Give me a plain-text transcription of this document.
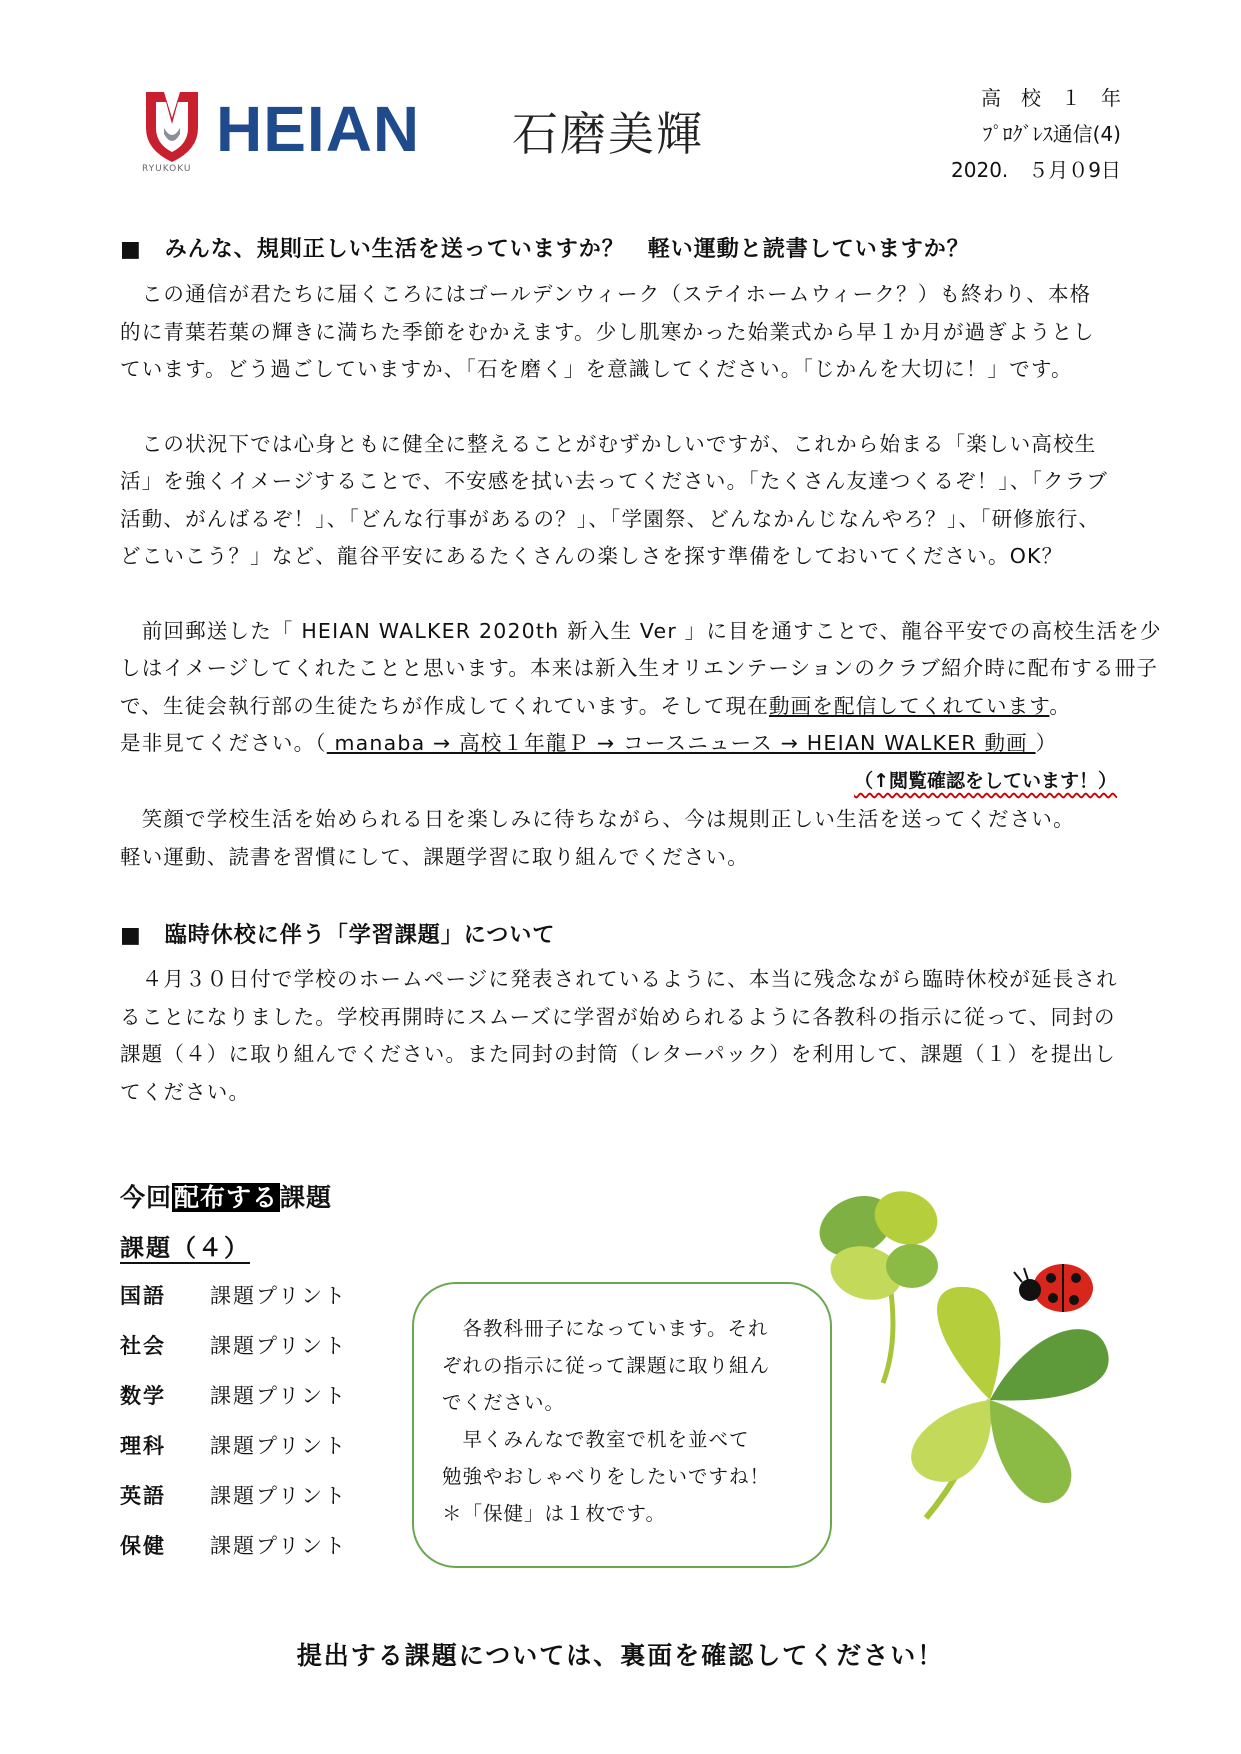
HEIAN
RYUKOKU
石磨美輝
高　校　１　年
ﾌﾟﾛｸﾞﾚｽ通信(4)
2020.　５月０9日
■　みんな、規則正しい生活を送っていますか？　軽い運動と読書していますか？

　この通信が君たちに届くころにはゴールデンウィーク（ステイホームウィーク？）も終わり、本格

的に青葉若葉の輝きに満ちた季節をむかえます。少し肌寒かった始業式から早１か月が過ぎようとし

ています。どう過ごしていますか、「石を磨く」を意識してください。「じかんを大切に！」です。

　この状況下では心身ともに健全に整えることがむずかしいですが、これから始まる「楽しい高校生

活」を強くイメージすることで、不安感を拭い去ってください。「たくさん友達つくるぞ！」、「クラブ

活動、がんばるぞ！」、「どんな行事があるの？」、「学園祭、どんなかんじなんやろ？」、「研修旅行、

どこいこう？」など、龍谷平安にあるたくさんの楽しさを探す準備をしておいてください。OK？

　前回郵送した「 HEIAN WALKER 2020th 新入生 Ver 」に目を通すことで、龍谷平安での高校生活を少

しはイメージしてくれたことと思います。本来は新入生オリエンテーションのクラブ紹介時に配布する冊子

で、生徒会執行部の生徒たちが作成してくれています。そして現在動画を配信してくれています。

是非見てください。（ manaba → 高校１年龍Ｐ → コースニュース → HEIAN WALKER 動画 ）

（↑閲覧確認をしています！）

　笑顔で学校生活を始められる日を楽しみに待ちながら、今は規則正しい生活を送ってください。

軽い運動、読書を習慣にして、課題学習に取り組んでください。

■　臨時休校に伴う「学習課題」について

　４月３０日付で学校のホームページに発表されているように、本当に残念ながら臨時休校が延長され

ることになりました。学校再開時にスムーズに学習が始められるように各教科の指示に従って、同封の

課題（４）に取り組んでください。また同封の封筒（レターパック）を利用して、課題（１）を提出し

てください。

今回配布する課題
課題（４）
国語 課題プリント
社会 課題プリント
数学 課題プリント
理科 課題プリント
英語 課題プリント
保健 課題プリント

　各教科冊子になっています。それ

ぞれの指示に従って課題に取り組ん

でください。

　早くみんなで教室で机を並べて

勉強やおしゃべりをしたいですね！

＊「保健」は１枚です。

提出する課題については、裏面を確認してください！
